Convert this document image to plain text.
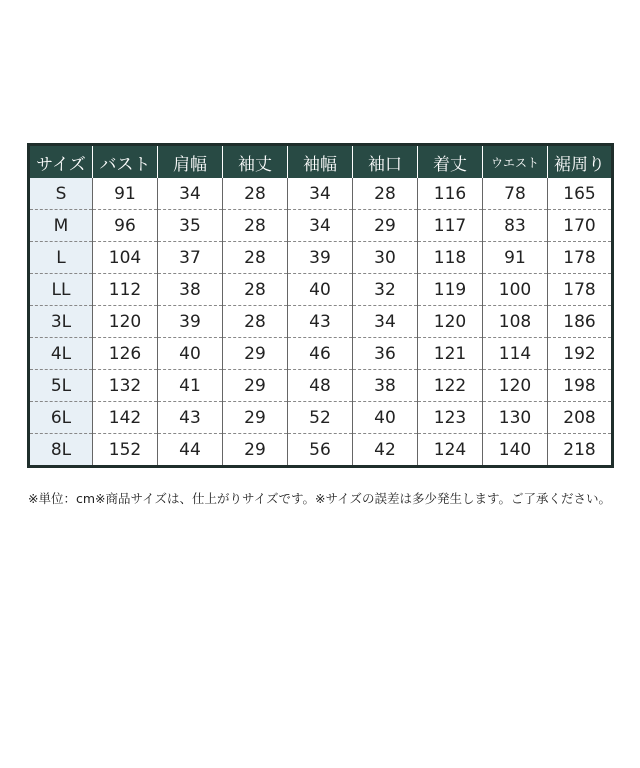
サイズ	バスト	肩幅	袖丈	袖幅	袖口	着丈	ウエスト	裾周り
S	91	34	28	34	28	116	78	165
M	96	35	28	34	29	117	83	170
L	104	37	28	39	30	118	91	178
LL	112	38	28	40	32	119	100	178
3L	120	39	28	43	34	120	108	186
4L	126	40	29	46	36	121	114	192
5L	132	41	29	48	38	122	120	198
6L	142	43	29	52	40	123	130	208
8L	152	44	29	56	42	124	140	218

※単位：cm※商品サイズは、仕上がりサイズです。※サイズの誤差は多少発生します。ご了承ください。
